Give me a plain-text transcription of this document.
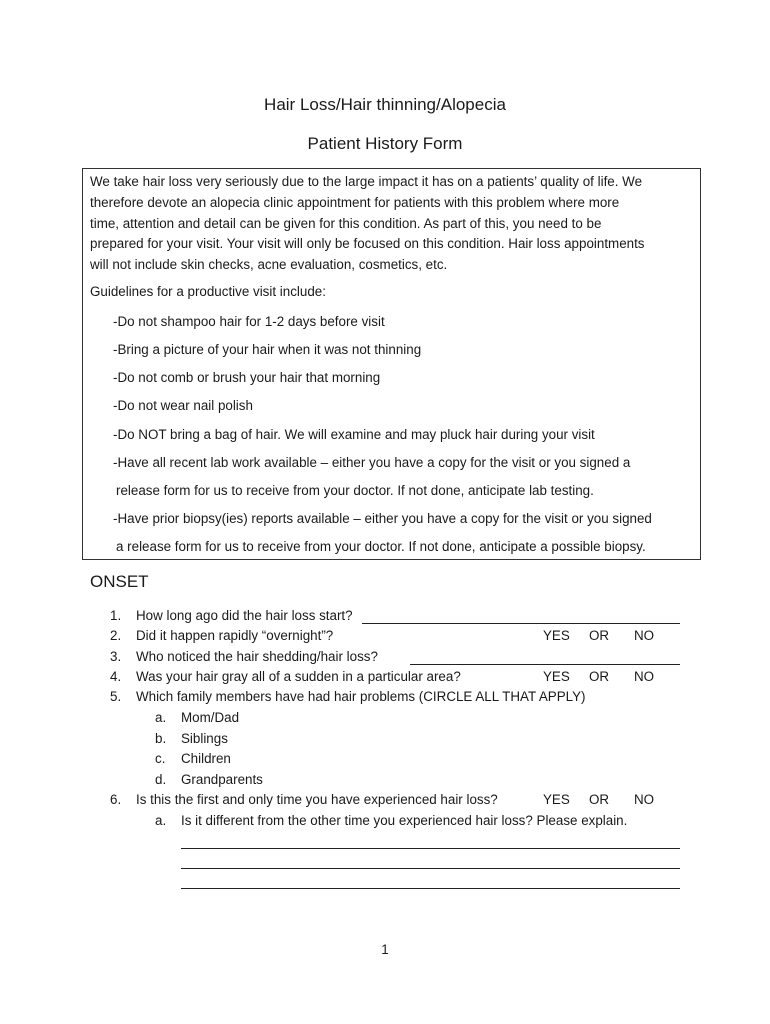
Hair Loss/Hair thinning/Alopecia
Patient History Form
We take hair loss very seriously due to the large impact it has on a patients’ quality of life. We
therefore devote an alopecia clinic appointment for patients with this problem where more
time, attention and detail can be given for this condition. As part of this, you need to be
prepared for your visit. Your visit will only be focused on this condition. Hair loss appointments
will not include skin checks, acne evaluation, cosmetics, etc.
Guidelines for a productive visit include:
-Do not shampoo hair for 1-2 days before visit
-Bring a picture of your hair when it was not thinning
-Do not comb or brush your hair that morning
-Do not wear nail polish
-Do NOT bring a bag of hair. We will examine and may pluck hair during your visit
-Have all recent lab work available – either you have a copy for the visit or you signed a
release form for us to receive from your doctor. If not done, anticipate lab testing.
-Have prior biopsy(ies) reports available – either you have a copy for the visit or you signed
a release form for us to receive from your doctor. If not done, anticipate a possible biopsy.
ONSET
1. How long ago did the hair loss start?
2. Did it happen rapidly “overnight”?	YES OR NO
3. Who noticed the hair shedding/hair loss?
4. Was your hair gray all of a sudden in a particular area?	YES OR NO
5. Which family members have had hair problems (CIRCLE ALL THAT APPLY)
a. Mom/Dad
b. Siblings
c. Children
d. Grandparents
6. Is this the first and only time you have experienced hair loss?	YES OR NO
a. Is it different from the other time you experienced hair loss? Please explain.
1
